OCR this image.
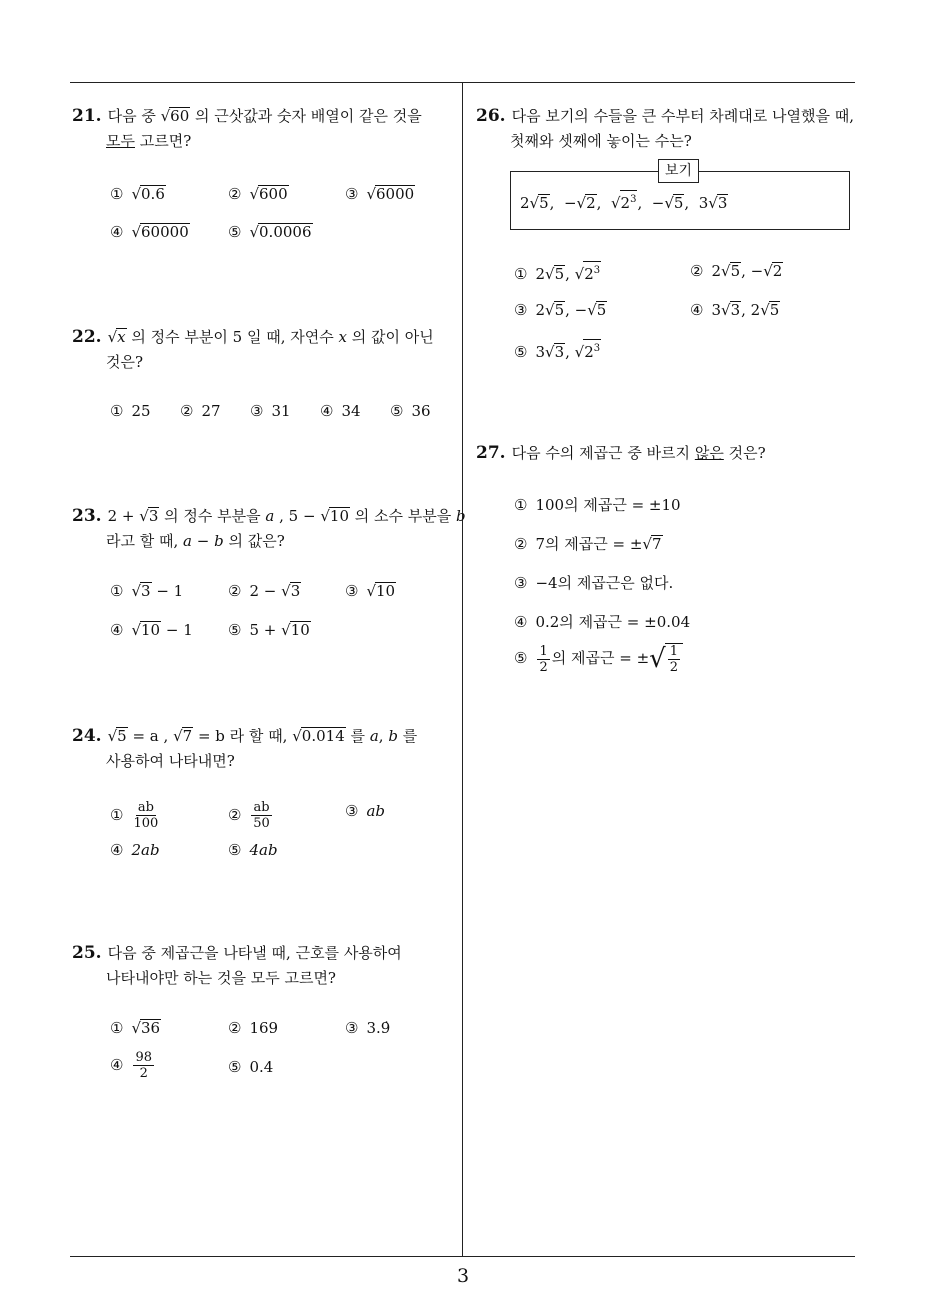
21. 다음 중 √60 의 근삿값과 숫자 배열이 같은 것을
모두 고르면?
① √0.6	② √600	③ √6000
④ √60000	⑤ √0.0006
22. √x 의 정수 부분이 5 일 때, 자연수 x 의 값이 아닌
것은?
① 25 ② 27 ③ 31 ④ 34 ⑤ 36
23. 2 + √3 의 정수 부분을 a , 5 − √10 의 소수 부분을 b
라고 할 때, a − b 의 값은?
① √3 − 1	② 2 − √3	③ √10
④ √10 − 1 ⑤ 5 + √10
24. √5 = a , √7 = b 라 할 때, √0.014 를 a, b 를
사용하여 나타내면?
① $\frac{ab}{100}$	② $\frac{ab}{50}$	③ ab
④ 2ab	⑤ 4ab
25. 다음 중 제곱근을 나타낼 때, 근호를 사용하여
나타내야만 하는 것을 모두 고르면?
① √36	② 169	③ 3.9̇
④ $\frac{98}{2}$	⑤ 0.4
26. 다음 보기의 수들을 큰 수부터 차례대로 나열했을 때,
첫째와 셋째에 놓이는 수는?
보기
2√5,  −√2,  $√2^3$,  −√5,  3√3
① 2√5, $√2^3$	② 2√5, −√2
③ 2√5, −√5	④ 3√3, 2√5
⑤ 3√3, $√2^3$
27. 다음 수의 제곱근 중 바르지 않은 것은?
① 100의 제곱근 = ±10
② 7의 제곱근 = ±√7
③ −4의 제곱근은 없다.
④ 0.2의 제곱근 = ±0.04
⑤ $\frac{1}{2}$ 의 제곱근 = ±√ $\frac{1}{2}$
3
